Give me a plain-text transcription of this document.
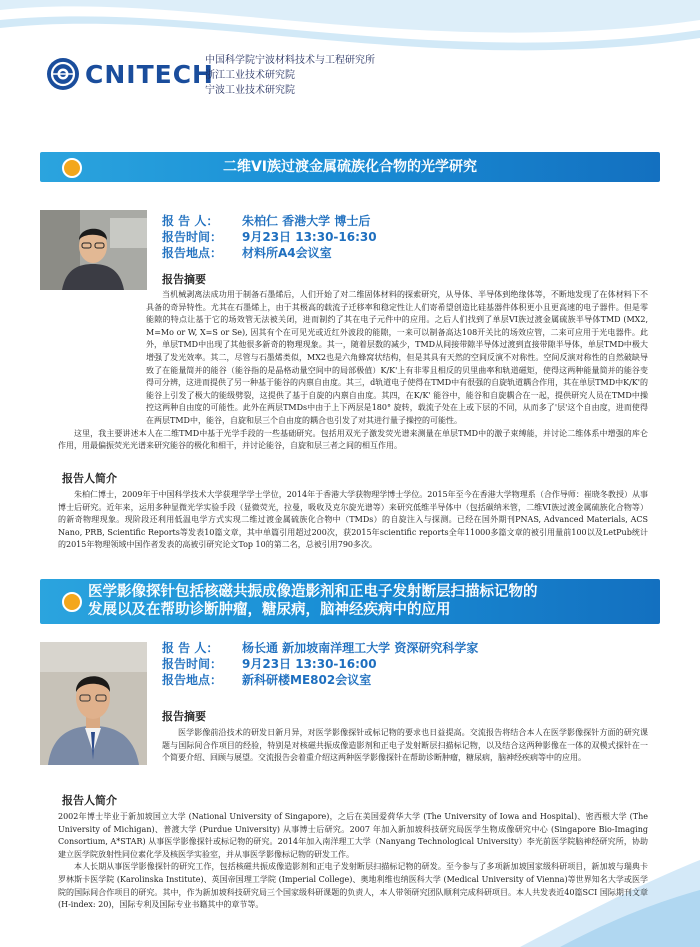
CNITECH
中国科学院宁波材料技术与工程研究所
浙江工业技术研究院
宁波工业技术研究院
二维VI族过渡金属硫族化合物的光学研究
报 告 人： 朱柏仁 香港大学 博士后
报告时间： 9月23日 13:30-16:30
报告地点： 材料所A4会议室
报告摘要

当机械剥离法成功用于制备石墨烯后，人们开始了对二维固体材料的探索研究，从导体、半导体到绝缘体等，不断地发现了在体材料下不具备的奇异特性。尤其在石墨烯上，由于其极高的载流子迁移率和稳定性让人们寄希望创造比硅基器件体积更小且更高速的电子器件。但是零能隙的特点让基于它的场效管无法被关闭，进而制约了其在电子元件中的应用。之后人们找到了单层VI族过渡金属硫族半导体TMD (MX2, M=Mo or W, X=S or Se), 因其有个在可见光或近红外波段的能隙，一来可以制备高达108开关比的场效应管，二来可应用于光电器件。此外，单层TMD中出现了其他很多新奇的物理现象。其一，随着层数的减少，TMD从间接带隙半导体过渡到直接带隙半导体，单层TMD中极大增强了发光效率。其二，尽管与石墨烯类似，MX2也是六角蜂窝状结构，但是其具有天然的空间反演不对称性。空间反演对称性的自然破缺导致了在能量简并的能谷（能谷指的是晶格动量空间中的局部极值）K/K'上有非零且相反的贝里曲率和轨道磁矩，使得这两种能量简并的能谷变得可分辨，这进而提供了另一种基于能谷的内禀自由度。其三，d轨道电子使得在TMD中有很强的自旋轨道耦合作用，其在单层TMD中K/K'的能谷上引发了极大的能级劈裂，这提供了基于自旋的内禀自由度。其四，在K/K' 能谷中，能谷和自旋耦合在一起，提供研究人员在TMD中操控这两种自由度的可能性。此外在两层TMDs中由于上下两层是180° 旋转，载流子处在上或下层的不同，从而多了'层'这个自由度，进而使得在两层TMD中，能谷，自旋和层三个自由度的耦合也引发了对其进行量子操控的可能性。

这里，我主要讲述本人在二维TMD中基于光学手段的一些基础研究。包括用双光子激发荧光谱来测量在单层TMD中的激子束缚能，并讨论二维体系中增强的库仑作用，用最偏振荧光光谱来研究能谷的极化和相干，并讨论能谷，自旋和层三者之间的相互作用。

报告人简介

朱柏仁博士，2009年于中国科学技术大学获理学学士学位，2014年于香港大学获物理学博士学位。2015年至今在香港大学物理系（合作导师：崔晓冬教授）从事博士后研究。近年来，运用多种显微光学实验手段（显微荧光，拉曼，吸收及克尔旋光谱等）来研究低维半导体中（包括碳纳米管，二维VI族过渡金属硫族化合物等）的新奇物理现象。现阶段还利用低温电学方式实现二维过渡金属硫族化合物中（TMDs）的自旋注入与探测。已经在国外期刊PNAS, Advanced Materials, ACS Nano, PRB, Scientific Reports等发表10篇文章，其中单篇引用超过200次，获2015年scientific reports全年11000多篇文章的被引用量前100以及LetPub统计的2015年物理领域中国作者发表的高被引研究论文Top 10的第二名，总被引用790多次。

医学影像探针包括核磁共振成像造影剂和正电子发射断层扫描标记物的
发展以及在帮助诊断肿瘤，糖尿病，脑神经疾病中的应用
报 告 人： 杨长通 新加坡南洋理工大学 资深研究科学家
报告时间： 9月23日 13:30-16:00
报告地点： 新科研楼ME802会议室
报告摘要

医学影像前沿技术的研发日新月异，对医学影像探针或标记物的要求也日益提高。交流报告将结合本人在医学影像探针方面的研究课题与国际间合作项目的经验，特别是对核磁共振成像造影剂和正电子发射断层扫描标记物，以及结合这两种影像在一体的双模式探针在一个简要介绍、回顾与展望。交流报告会着重介绍这两种医学影像探针在帮助诊断肿瘤，糖尿病，脑神经疾病等中的应用。

报告人简介

2002年博士毕业于新加坡国立大学 (National University of Singapore)，之后在美国爱荷华大学 (The University of Iowa and Hospital)、密西根大学 (The University of Michigan)、普渡大学 (Purdue University) 从事博士后研究。2007 年加入新加坡科技研究局医学生物成像研究中心 (Singapore Bio-Imaging Consortium, A*STAR) 从事医学影像探针或标记物的研究。2014年加入南洋理工大学（Nanyang Technological University）李光前医学院脑神经研究所，协助建立医学院放射性同位素化学及核医学实验室，并从事医学影像标记物的研发工作。

本人长期从事医学影像探针的研究工作，包括核磁共振成像造影剂和正电子发射断层扫描标记物的研发。至今参与了多项新加坡国家级科研项目，新加坡与瑞典卡罗林斯卡医学院 (Karolinska Institute)、英国帝国理工学院 (Imperial College)、奥地利维也纳医科大学 (Medical University of Vienna)等世界知名大学或医学院的国际间合作项目的研究。其中，作为新加坡科技研究局三个国家级科研课题的负责人，本人带领研究团队顺利完成科研项目。本人共发表近40篇SCI 国际期刊文章 (H-index: 20)，国际专利及国际专业书籍其中的章节等。
